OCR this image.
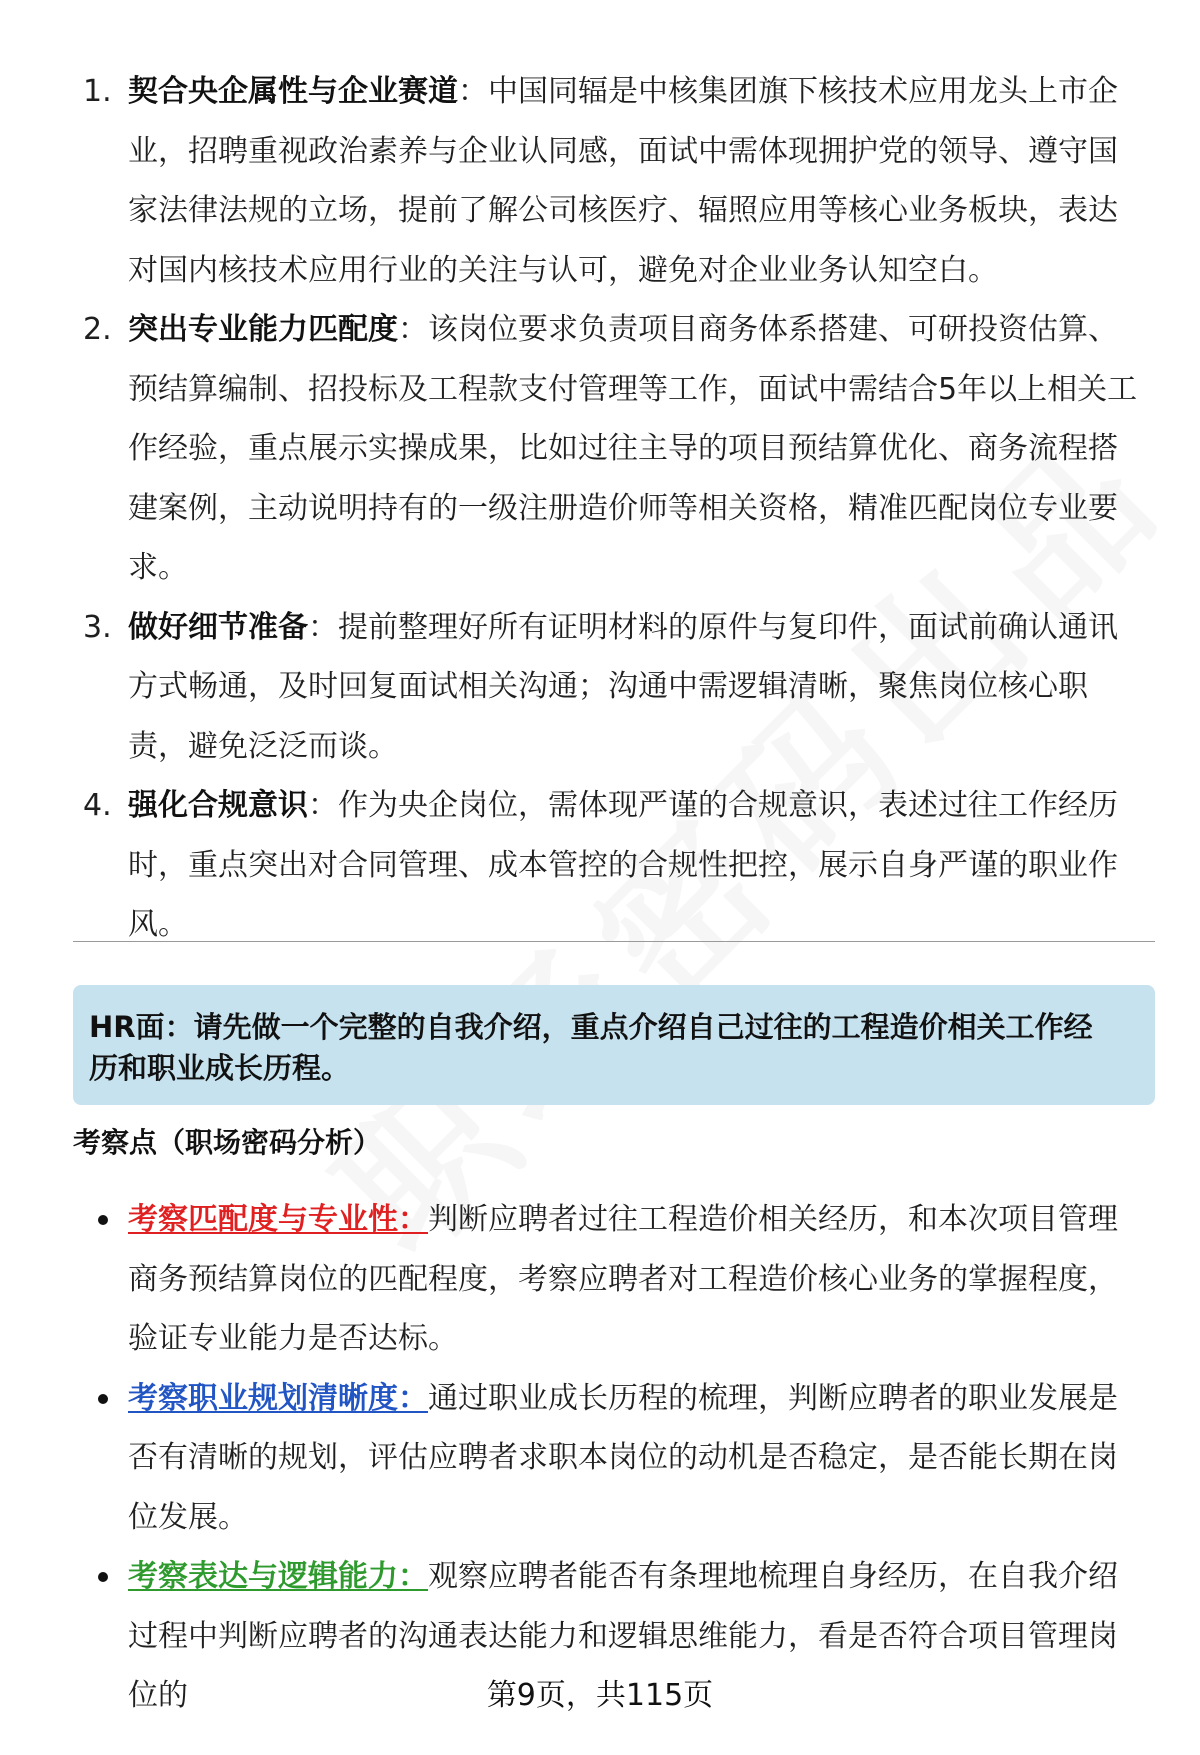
1. 契合央企属性与企业赛道：中国同辐是中核集团旗下核技术应用龙头上市企业，招聘重视政治素养与企业认同感，面试中需体现拥护党的领导、遵守国家法律法规的立场，提前了解公司核医疗、辐照应用等核心业务板块，表达对国内核技术应用行业的关注与认可，避免对企业业务认知空白。
2. 突出专业能力匹配度：该岗位要求负责项目商务体系搭建、可研投资估算、预结算编制、招投标及工程款支付管理等工作，面试中需结合5年以上相关工作经验，重点展示实操成果，比如过往主导的项目预结算优化、商务流程搭建案例，主动说明持有的一级注册造价师等相关资格，精准匹配岗位专业要求。
3. 做好细节准备：提前整理好所有证明材料的原件与复印件，面试前确认通讯方式畅通，及时回复面试相关沟通；沟通中需逻辑清晰，聚焦岗位核心职责，避免泛泛而谈。
4. 强化合规意识：作为央企岗位，需体现严谨的合规意识，表述过往工作经历时，重点突出对合同管理、成本管控的合规性把控，展示自身严谨的职业作风。
HR面：请先做一个完整的自我介绍，重点介绍自己过往的工程造价相关工作经历和职业成长历程。
考察点（职场密码分析）
考察匹配度与专业性：判断应聘者过往工程造价相关经历，和本次项目管理商务预结算岗位的匹配程度，考察应聘者对工程造价核心业务的掌握程度，验证专业能力是否达标。
考察职业规划清晰度：通过职业成长历程的梳理，判断应聘者的职业发展是否有清晰的规划，评估应聘者求职本岗位的动机是否稳定，是否能长期在岗位发展。
考察表达与逻辑能力：观察应聘者能否有条理地梳理自身经历，在自我介绍过程中判断应聘者的沟通表达能力和逻辑思维能力，看是否符合项目管理岗位的	第9页，共115页
